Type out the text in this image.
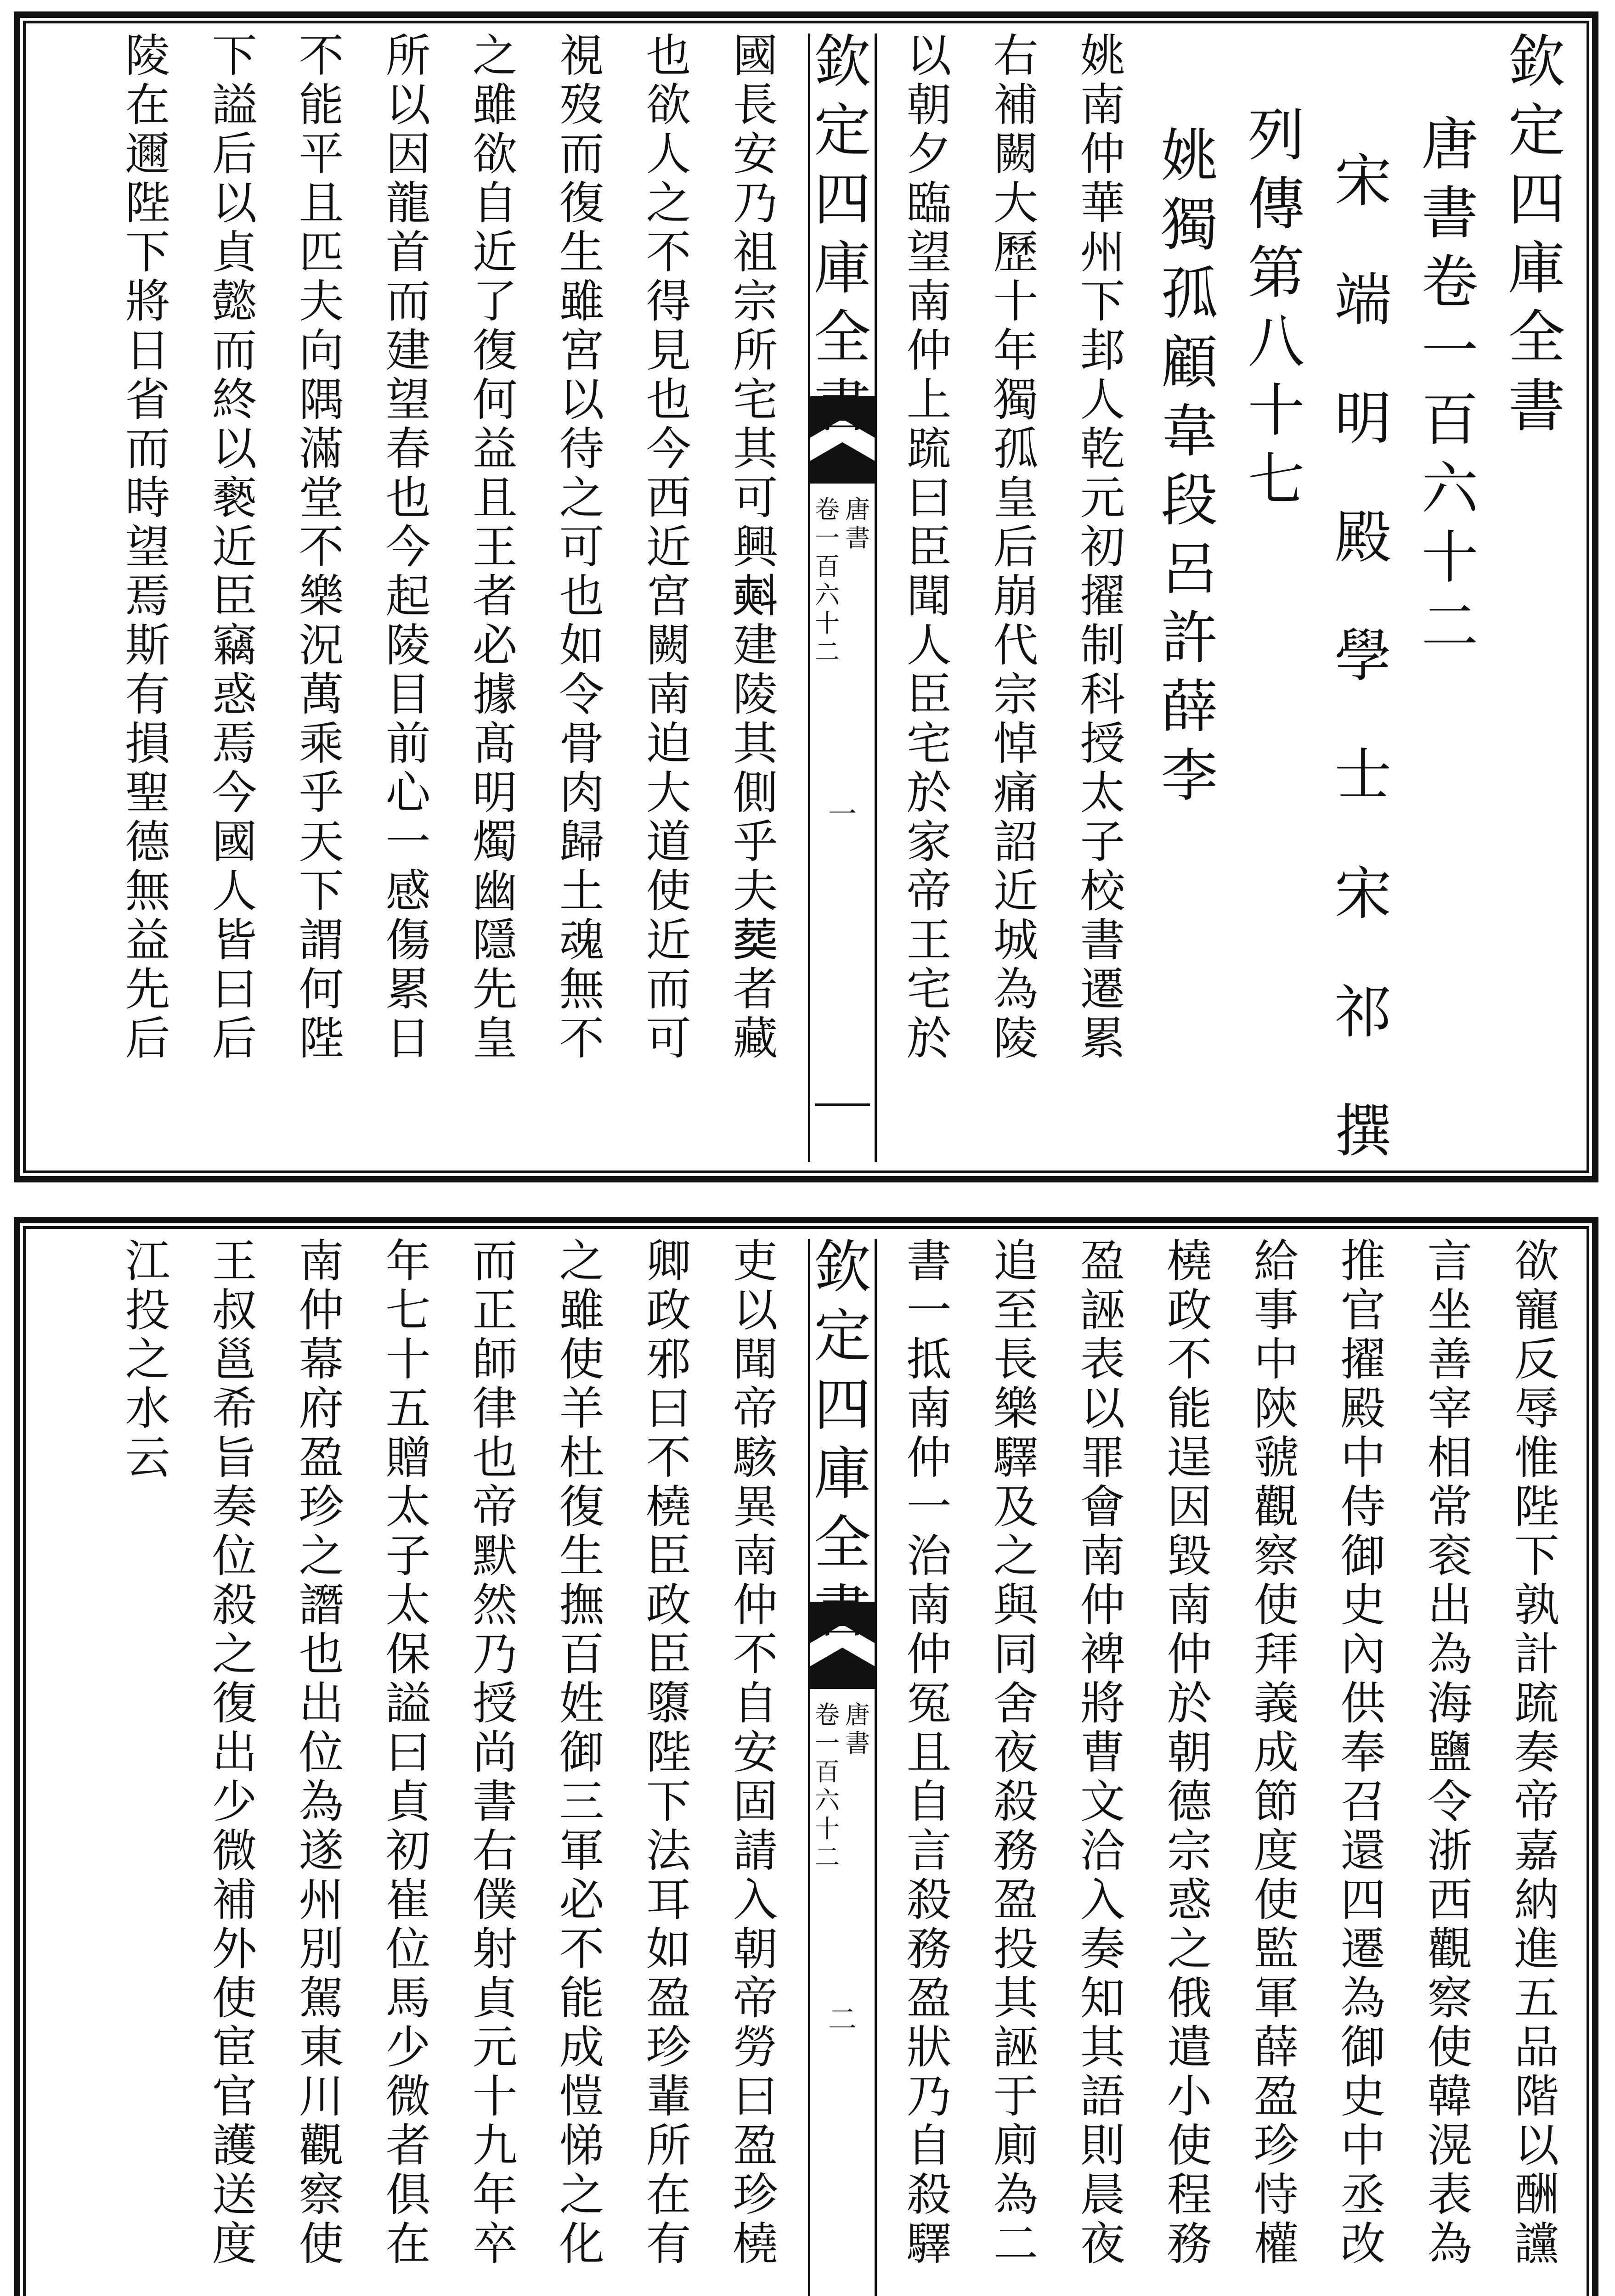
欽
定
四
庫
全
書
唐
書
卷
一
百
六
十
二
宋

端

明

殿

學

士

宋

祁

撰
列
傳
第
八
十
七
姚
獨
孤
顧
韋
段
呂
許
薛
李
姚
南
仲
華
州
下
邽
人
乾
元
初
擢
制
科
授
太
子
校
書
遷
累
右
補
闕
大
歷
十
年
獨
孤
皇
后
崩
代
宗
悼
痛
詔
近
城
為
陵
以
朝
夕
臨
望
南
仲
上
䟽
曰
臣
聞
人
臣
宅
於
家
帝
王
宅
於
欽
定
四
庫
全
唐
書
卷
一
百
六
十
二
一
國
長
安
乃
祖
宗
所
宅
其
可
興
𣂏
建
陵
其
側
乎
夫
𦵏
者
藏
也
欲
人
之
不
得
見
也
今
西
近
宮
闕
南
迫
大
道
使
近
而
可
視
歿
而
復
生
雖
宮
以
待
之
可
也
如
令
骨
肉
歸
土
魂
無
不
之
雖
欲
自
近
了
復
何
益
且
王
者
必
據
髙
明
燭
幽
隱
先
皇
所
以
因
龍
首
而
建
望
春
也
今
起
陵
目
前
心
一
感
傷
累
日
不
能
平
且
匹
夫
向
隅
滿
堂
不
樂
況
萬
乘
乎
天
下
謂
何
陛
下
謚
后
以
貞
懿
而
終
以
褻
近
臣
竊
惑
焉
今
國
人
皆
曰
后
陵
在
邇
陛
下
將
日
省
而
時
望
焉
斯
有
損
聖
德
無
益
先
后
欲
寵
反
辱
惟
陛
下
孰
計
䟽
奏
帝
嘉
納
進
五
品
階
以
酬
讜
言
坐
善
宰
相
常
衮
出
為
海
鹽
令
浙
西
觀
察
使
韓
滉
表
為
推
官
擢
殿
中
侍
御
史
內
供
奉
召
還
四
遷
為
御
史
中
丞
改
給
事
中
陝
虢
觀
察
使
拜
義
成
節
度
使
監
軍
薛
盈
珍
恃
權
橈
政
不
能
逞
因
毀
南
仲
於
朝
德
宗
惑
之
俄
遣
小
使
程
務
盈
誣
表
以
罪
會
南
仲
裨
將
曹
文
洽
入
奏
知
其
語
則
晨
夜
追
至
長
樂
驛
及
之
與
同
舍
夜
殺
務
盈
投
其
誣
于
廁
為
二
書
一
抵
南
仲
一
治
南
仲
冤
且
自
言
殺
務
盈
狀
乃
自
殺
驛
欽
定
四
庫
全
唐
書
卷
一
百
六
十
二
二
吏
以
聞
帝
駭
異
南
仲
不
自
安
固
請
入
朝
帝
勞
曰
盈
珍
橈
卿
政
邪
曰
不
橈
臣
政
臣
隳
陛
下
法
耳
如
盈
珍
輩
所
在
有
之
雖
使
羊
杜
復
生
撫
百
姓
御
三
軍
必
不
能
成
愷
悌
之
化
而
正
師
律
也
帝
默
然
乃
授
尚
書
右
僕
射
貞
元
十
九
年
卒
年
七
十
五
贈
太
子
太
保
謚
曰
貞
初
崔
位
馬
少
微
者
俱
在
南
仲
幕
府
盈
珍
之
譖
也
出
位
為
遂
州
別
駕
東
川
觀
察
使
王
叔
邕
希
旨
奏
位
殺
之
復
出
少
微
補
外
使
宦
官
護
送
度
江
投
之
水
云
